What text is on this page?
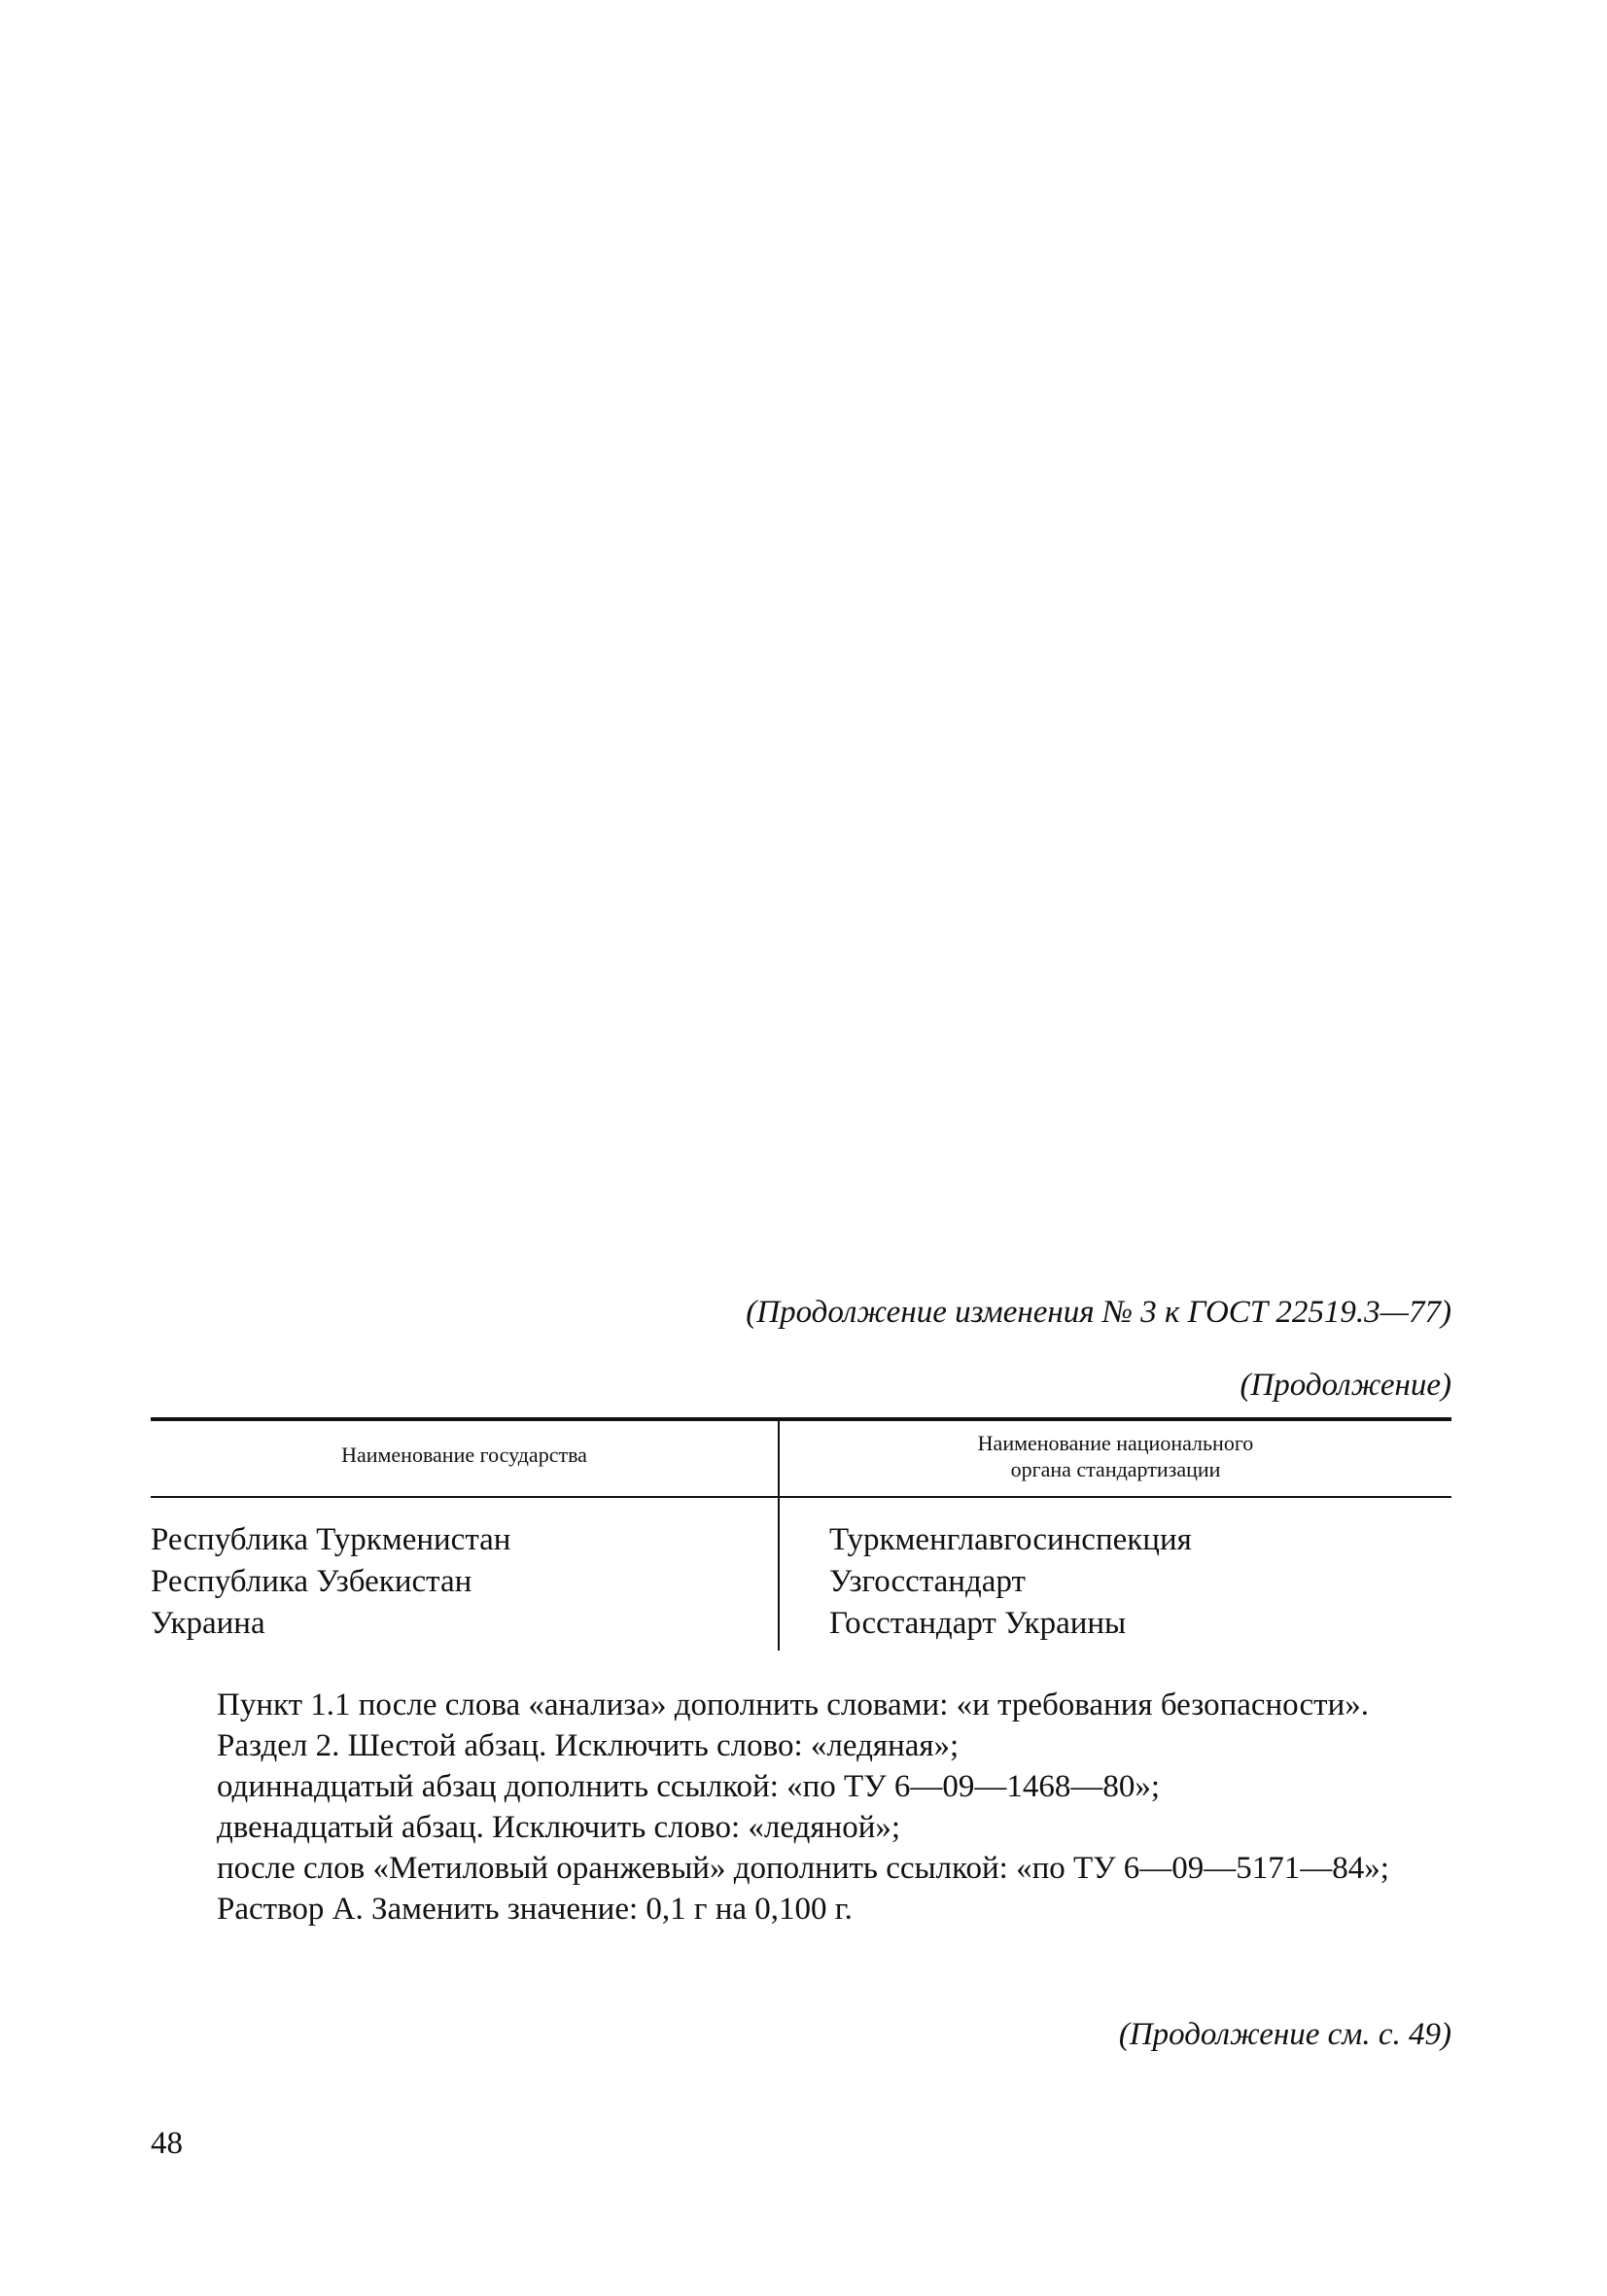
(Продолжение изменения № 3 к ГОСТ 22519.3—77)
(Продолжение)
Наименование государства	Наименование национального
органа стандартизации
Республика Туркменистан	Туркменглавгосинспекция
Республика Узбекистан	Узгосстандарт
Украина	Госстандарт Украины

Пункт 1.1 после слова «анализа» дополнить словами: «и требования безопасности».

Раздел 2. Шестой абзац. Исключить слово: «ледяная»;

одиннадцатый абзац дополнить ссылкой: «по ТУ 6—09—1468—80»;

двенадцатый абзац. Исключить слово: «ледяной»;

после слов «Метиловый оранжевый» дополнить ссылкой: «по ТУ 6—09—5171—84»;

Раствор А. Заменить значение: 0,1 г на 0,100 г.

(Продолжение см. с. 49)
48
